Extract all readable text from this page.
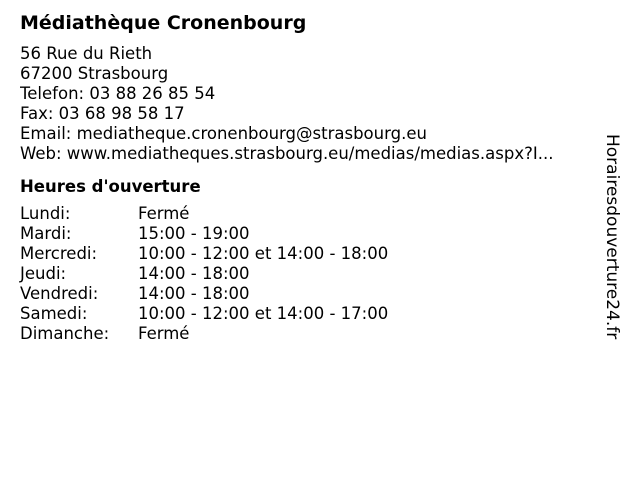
Médiathèque Cronenbourg
56 Rue du Rieth
67200 Strasbourg
Telefon: 03 88 26 85 54
Fax: 03 68 98 58 17
Email: mediatheque.cronenbourg@strasbourg.eu
Web: www.mediatheques.strasbourg.eu/medias/medias.aspx?I...
Heures d'ouverture
Lundi:	Fermé
Mardi:	15:00 - 19:00
Mercredi:	10:00 - 12:00 et 14:00 - 18:00
Jeudi:	14:00 - 18:00
Vendredi:	14:00 - 18:00
Samedi:	10:00 - 12:00 et 14:00 - 17:00
Dimanche:	Fermé	Horairesdouverture24.fr
